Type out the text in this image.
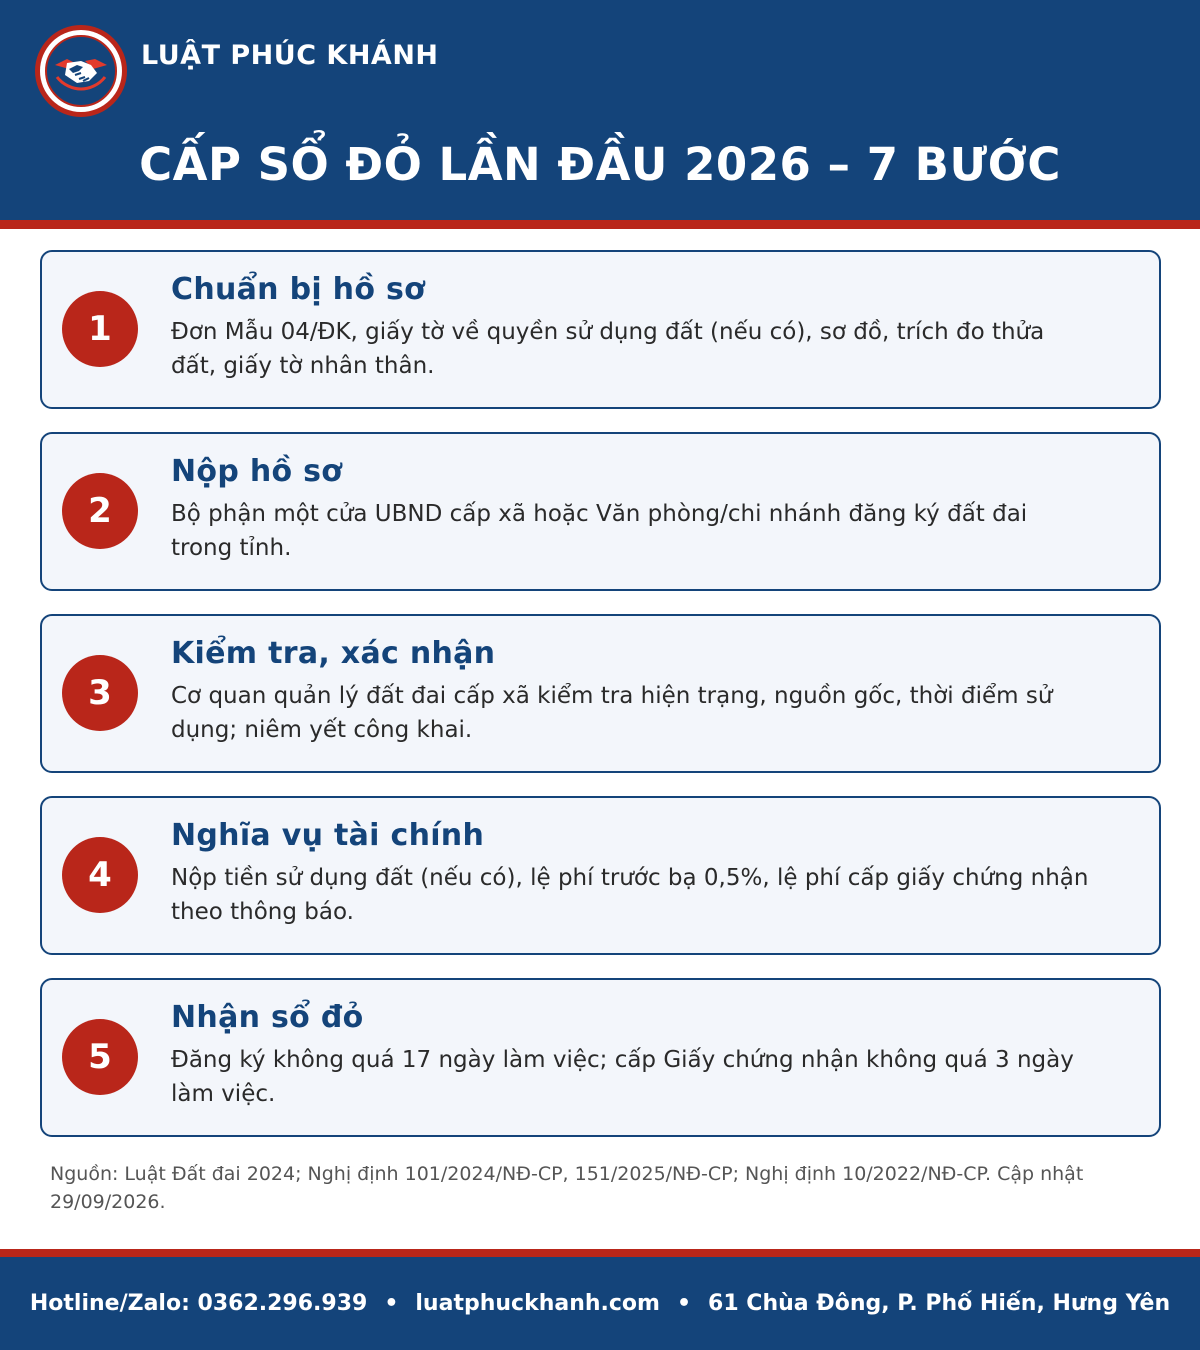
LUẬT PHÚC KHÁNH
CẤP SỔ ĐỎ LẦN ĐẦU 2026 – 7 BƯỚC
1
Chuẩn bị hồ sơ
Đơn Mẫu 04/ĐK, giấy tờ về quyền sử dụng đất (nếu có), sơ đồ, trích đo thửa đất, giấy tờ nhân thân.
2
Nộp hồ sơ
Bộ phận một cửa UBND cấp xã hoặc Văn phòng/chi nhánh đăng ký đất đai trong tỉnh.
3
Kiểm tra, xác nhận
Cơ quan quản lý đất đai cấp xã kiểm tra hiện trạng, nguồn gốc, thời điểm sử dụng; niêm yết công khai.
4
Nghĩa vụ tài chính
Nộp tiền sử dụng đất (nếu có), lệ phí trước bạ 0,5%, lệ phí cấp giấy chứng nhận theo thông báo.
5
Nhận sổ đỏ
Đăng ký không quá 17 ngày làm việc; cấp Giấy chứng nhận không quá 3 ngày làm việc.
Nguồn: Luật Đất đai 2024; Nghị định 101/2024/NĐ-CP, 151/2025/NĐ-CP; Nghị định 10/2022/NĐ-CP. Cập nhật 29/09/2026.
Hotline/Zalo: 0362.296.939 • luatphuckhanh.com • 61 Chùa Đông, P. Phố Hiến, Hưng Yên
